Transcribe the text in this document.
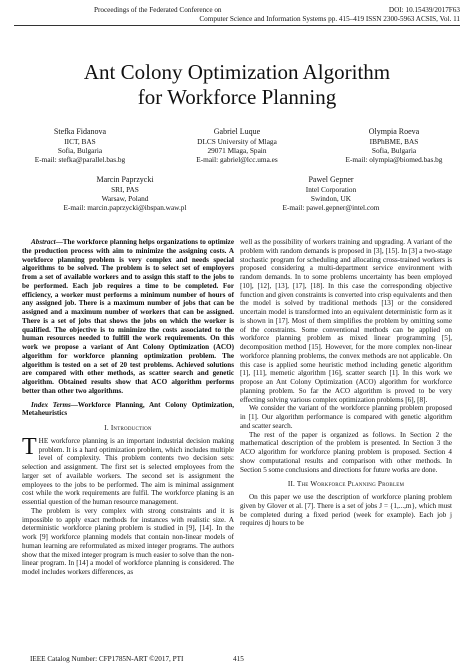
Proceedings of the Federated Conference on	DOI: 10.15439/2017F63
Computer Science and Information Systems pp. 415–419 ISSN 2300-5963 ACSIS, Vol. 11
Ant Colony Optimization Algorithm
for Workforce Planning
Stefka Fidanova
IICT, BAS
Sofia, Bulgaria
E-mail: stefka@parallel.bas.bg
Gabriel Luque
DLCS University of Mlaga
29071 Mlaga, Spain
E-mail: gabriel@lcc.uma.es
Olympia Roeva
IBPhBME, BAS
Sofia, Bulgaria
E-mail: olympia@biomed.bas.bg
Marcin Paprzycki
SRI, PAS
Warsaw, Poland
E-mail: marcin.paprzycki@ibspan.waw.pl
Pawel Gepner
Intel Corporation
Swindon, UK
E-mail: pawel.gepner@intel.com

Abstract—The workforce planning helps organizations to optimize the production process with aim to minimize the assigning costs. A workforce planning problem is very complex and needs special algorithms to be solved. The problem is to select set of employers from a set of available workers and to assign this staff to the jobs to be performed. Each job requires a time to be completed. For efficiency, a worker must performs a minimum number of hours of any assigned job. There is a maximum number of jobs that can be assigned and a maximum number of workers that can be assigned. There is a set of jobs that shows the jobs on which the worker is qualified. The objective is to minimize the costs associated to the human resources needed to fulfill the work requirements. On this work we propose a variant of Ant Colony Optimization (ACO) algorithm for workforce planning optimization problem. The algorithm is tested on a set of 20 test problems. Achieved solutions are compared with other methods, as scatter search and genetic algorithm. Obtained results show that ACO algorithm performs better than other two algorithms.

Index Terms—Workforce Planning, Ant Colony Optimization, Metaheuristics

I. Introduction

THE workforce planning is an important industrial decision making problem. It is a hard optimization problem, which includes multiple level of complexity. This problem contents two decision sets: selection and assignment. The first set is selected employees from the larger set of available workers. The second set is assignment the employees to the jobs to be performed. The aim is minimal assignment cost while the work requirements are fulfil. The workforce planing is an essential question of the human resource management.

The problem is very complex with strong constraints and it is impossible to apply exact methods for instances with realistic size. A deterministic workforce planing problem is studied in [9], [14]. In the work [9] workforce planning models that contain non-linear models of human learning are reformulated as mixed integer programs. The authors show that the mixed integer program is much easier to solve than the non-linear program. In [14] a model of workforce planning is considered. The model includes workers differences, as

well as the possibility of workers training and upgrading. A variant of the problem with random demands is proposed in [3], [15]. In [3] a two-stage stochastic program for scheduling and allocating cross-trained workers is proposed considering a multi-department service environment with random demands. In to some problems uncertainty has been employed [10], [12], [13], [17], [18]. In this case the corresponding objective function and given constraints is converted into crisp equivalents and then the model is solved by traditional methods [13] or the considered uncertain model is transformed into an equivalent deterministic form as it is shown in [17]. Most of them simplifies the problem by omitting some of the constraints. Some conventional methods can be applied on workforce planning problem as mixed linear programming [5], decomposition method [15]. However, for the more complex non-linear workforce planning problems, the convex methods are not applicable. On this case is applied some heuristic method including genetic algorithm [1], [11], memetic algorithm [16], scatter search [1]. In this work we propose an Ant Colony Optimization (ACO) algorithm for workforce planning problem. So far the ACO algorithm is proved to be very effecting solving various complex optimization problems [6], [8].

We consider the variant of the workforce planning problem proposed in [1]. Our algorithm performance is compared with genetic algorithm and scatter search.

The rest of the paper is organized as follows. In Section 2 the mathematical description of the problem is presented. In Section 3 the ACO algorithm for workforce planing problem is proposed. Section 4 show computational results and comparison with other methods. In Section 5 some conclusions and directions for future works are done.

II. The Workforce Planning Problem

On this paper we use the description of workforce planing problem given by Glover et al. [7]. There is a set of jobs J = {1,...,m}, which must be completed during a fixed period (week for example). Each job j requires dj hours to be

IEEE Catalog Number: CFP1785N-ART ©2017, PTI	415
